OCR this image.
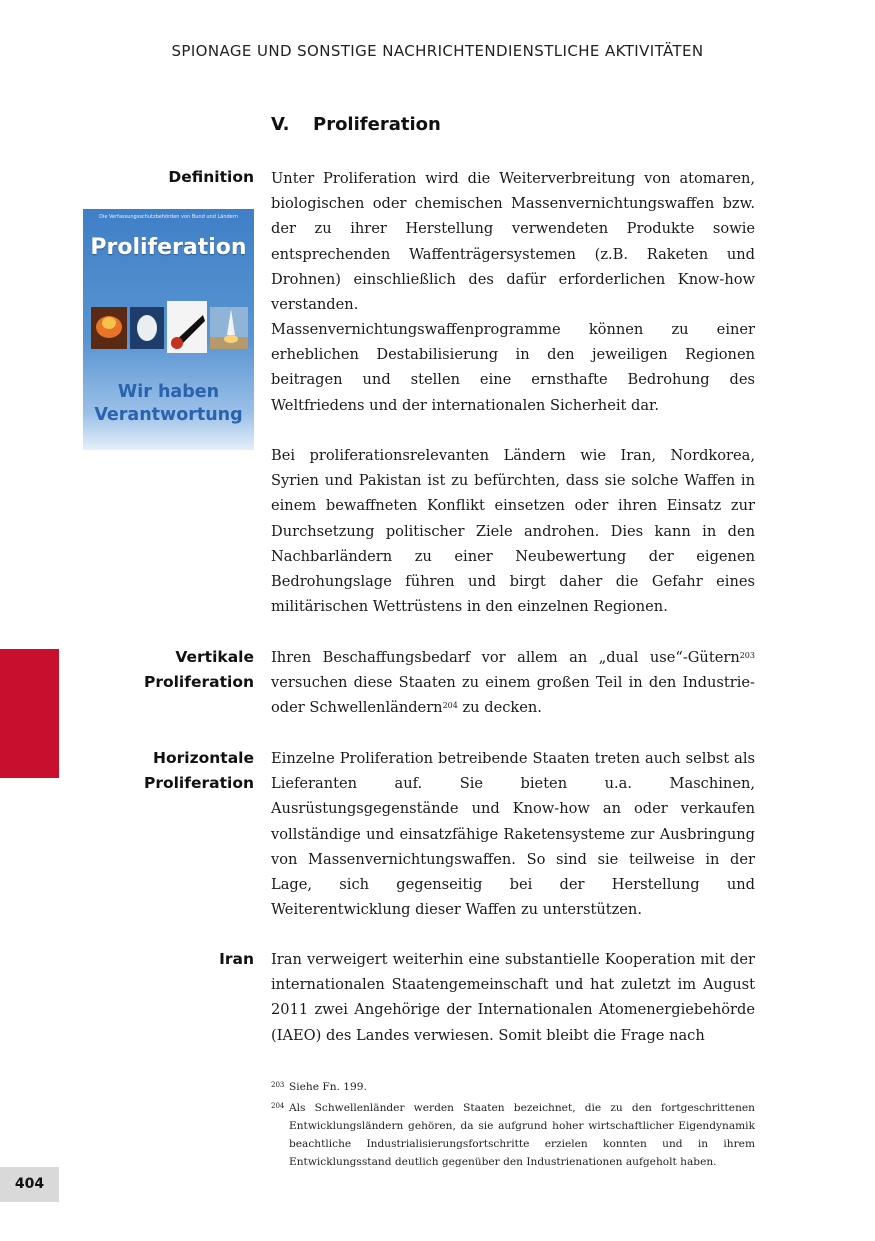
SPIONAGE UND SONSTIGE NACHRICHTENDIENSTLICHE AKTIVITÄTEN
V. Proliferation
Definition
Die Verfassungsschutzbehörden von Bund und Ländern
Proliferation
Wir haben
Verantwortung

Unter Proliferation wird die Weiterverbreitung von atomaren, biologischen oder chemischen Massenvernichtungswaffen bzw. der zu ihrer Herstellung verwendeten Produkte sowie entsprechenden Waffenträgersystemen (z.B. Raketen und Drohnen) einschließlich des dafür erforderlichen Know-how verstanden.

Massenvernichtungswaffenprogramme können zu einer erheblichen Destabilisierung in den jeweiligen Regionen beitragen und stellen eine ernsthafte Bedrohung des Weltfriedens und der internationalen Sicherheit dar.

Bei proliferationsrelevanten Ländern wie Iran, Nordkorea, Syrien und Pakistan ist zu befürchten, dass sie solche Waffen in einem bewaffneten Konflikt einsetzen oder ihren Einsatz zur Durchsetzung politischer Ziele androhen. Dies kann in den Nachbarländern zu einer Neubewertung der eigenen Bedrohungslage führen und birgt daher die Gefahr eines militärischen Wettrüstens in den einzelnen Regionen.

Vertikale
Proliferation

Ihren Beschaffungsbedarf vor allem an „dual use“-Gütern$^{203}$ versuchen diese Staaten zu einem großen Teil in den Industrie- oder Schwellenländern$^{204}$ zu decken.

Horizontale
Proliferation

Einzelne Proliferation betreibende Staaten treten auch selbst als Lieferanten auf. Sie bieten u.a. Maschinen, Ausrüstungsgegenstände und Know-how an oder verkaufen vollständige und einsatzfähige Raketensysteme zur Ausbringung von Massenvernichtungswaffen. So sind sie teilweise in der Lage, sich gegenseitig bei der Herstellung und Weiterentwicklung dieser Waffen zu unterstützen.

Iran Iran verweigert weiterhin eine substantielle Kooperation mit der internationalen Staatengemeinschaft und hat zuletzt im August 2011 zwei Angehörige der Internationalen Atomenergiebehörde (IAEO) des Landes verwiesen. Somit bleibt die Frage nach

203 Siehe Fn. 199.
204 Als Schwellenländer werden Staaten bezeichnet, die zu den fortgeschrittenen Entwicklungsländern gehören, da sie aufgrund hoher wirtschaftlicher Eigendynamik beachtliche Industrialisierungsfortschritte erzielen konnten und in ihrem Entwicklungsstand deutlich gegenüber den Industrienationen aufgeholt haben.
404
